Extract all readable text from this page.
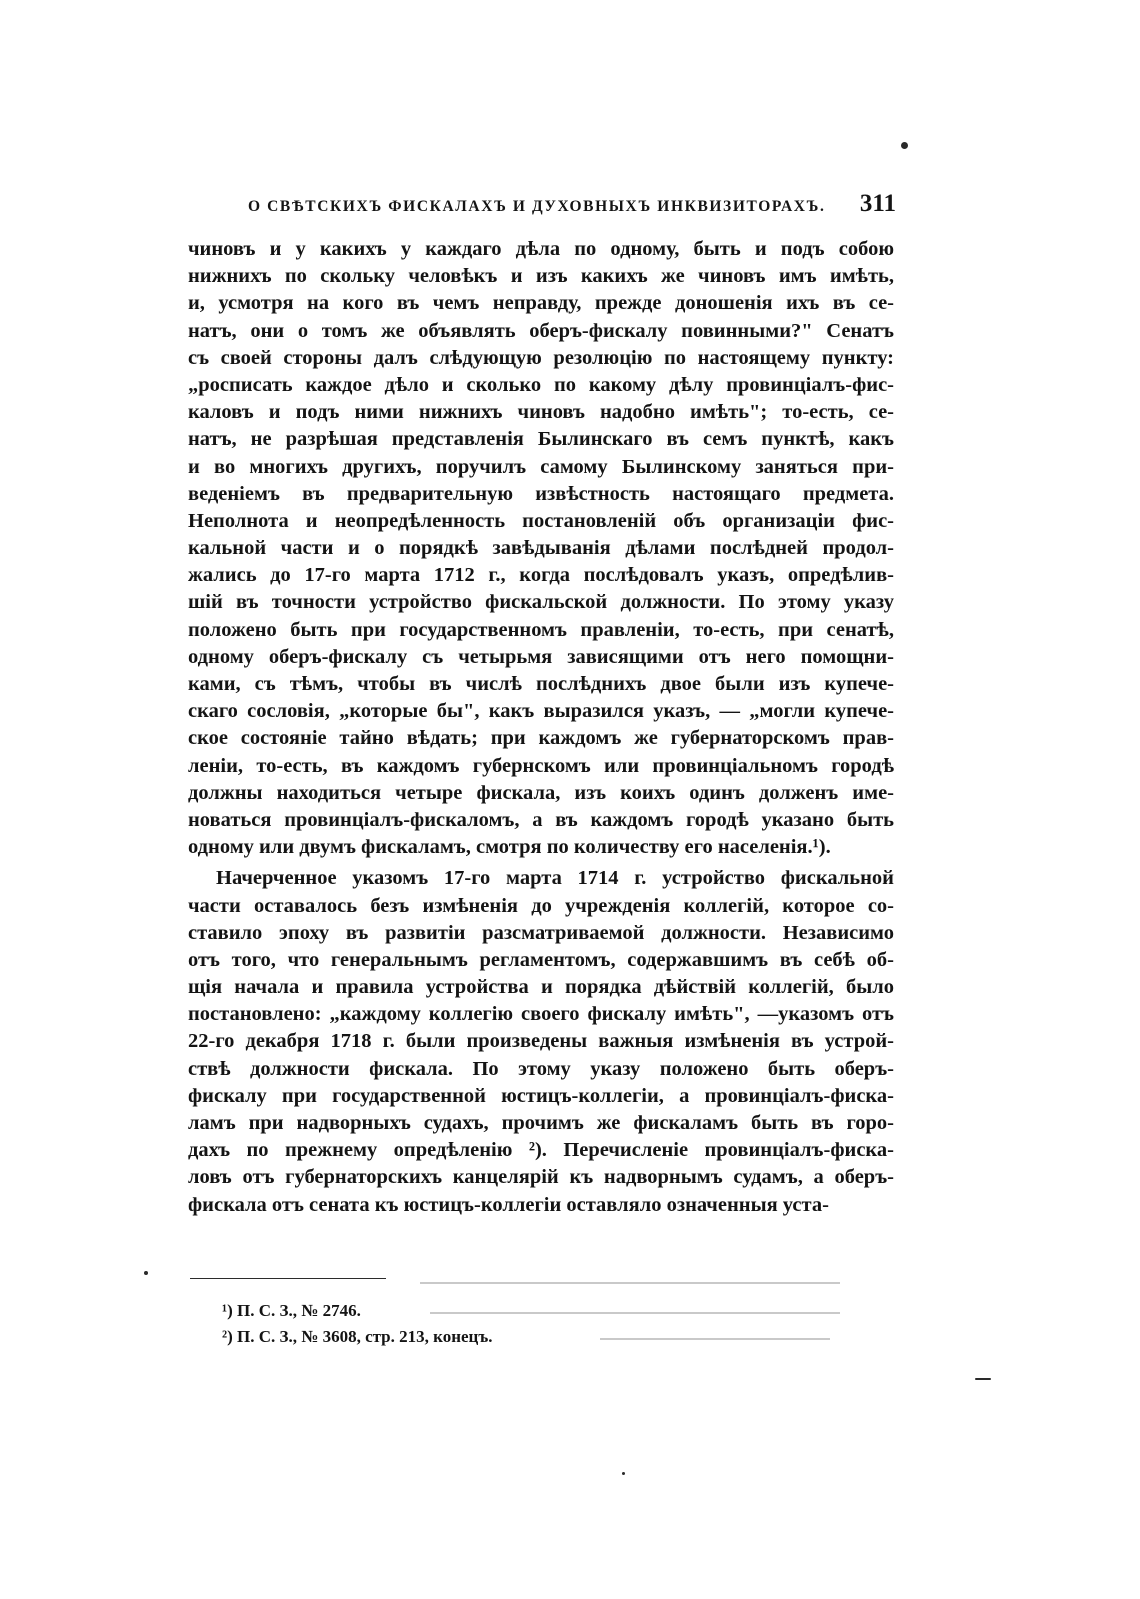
О СВѢТСКИХЪ ФИСКАЛАХЪ И ДУХОВНЫХЪ ИНКВИЗИТОРАХЪ. 311
чиновъ и у какихъ у каждаго дѣла по одному, быть и подъ собою
нижнихъ по скольку человѣкъ и изъ какихъ же чиновъ имъ имѣть,
и, усмотря на кого въ чемъ неправду, прежде доношенія ихъ въ се-
натъ, они о томъ же объявлять оберъ-фискалу повинными?" Сенатъ
съ своей стороны далъ слѣдующую резолюцію по настоящему пункту:
„росписать каждое дѣло и сколько по какому дѣлу провинціалъ-фис-
каловъ и подъ ними нижнихъ чиновъ надобно имѣть"; то-есть, се-
натъ, не разрѣшая представленія Былинскаго въ семъ пунктѣ, какъ
и во многихъ другихъ, поручилъ самому Былинскому заняться при-
веденіемъ въ предварительную извѣстность настоящаго предмета.
Неполнота и неопредѣленность постановленій объ организаціи фис-
кальной части и о порядкѣ завѣдыванія дѣлами послѣдней продол-
жались до 17-го марта 1712 г., когда послѣдовалъ указъ, опредѣлив-
шій въ точности устройство фискальской должности. По этому указу
положено быть при государственномъ правленіи, то-есть, при сенатѣ,
одному оберъ-фискалу съ четырьмя зависящими отъ него помощни-
ками, съ тѣмъ, чтобы въ числѣ послѣднихъ двое были изъ купече-
скаго сословія, „которые бы", какъ выразился указъ, — „могли купече-
ское состояніе тайно вѣдать; при каждомъ же губернаторскомъ прав-
леніи, то-есть, въ каждомъ губернскомъ или провинціальномъ городѣ
должны находиться четыре фискала, изъ коихъ одинъ долженъ име-
новаться провинціалъ-фискаломъ, а въ каждомъ городѣ указано быть
одному или двумъ фискаламъ, смотря по количеству его населенія.¹).
Начерченное указомъ 17-го марта 1714 г. устройство фискальной
части оставалось безъ измѣненія до учрежденія коллегій, которое со-
ставило эпоху въ развитіи разсматриваемой должности. Независимо
отъ того, что генеральнымъ регламентомъ, содержавшимъ въ себѣ об-
щія начала и правила устройства и порядка дѣйствій коллегій, было
постановлено: „каждому коллегію своего фискалу имѣть", —указомъ отъ
22-го декабря 1718 г. были произведены важныя измѣненія въ устрой-
ствѣ должности фискала. По этому указу положено быть оберъ-
фискалу при государственной юстицъ-коллегіи, а провинціалъ-фиска-
ламъ при надворныхъ судахъ, прочимъ же фискаламъ быть въ горо-
дахъ по прежнему опредѣленію ²). Перечисленіе провинціалъ-фиска-
ловъ отъ губернаторскихъ канцелярій къ надворнымъ судамъ, а оберъ-
фискала отъ сената къ юстицъ-коллегіи оставляло означенныя уста-
¹) П. С. З., № 2746.
²) П. С. З., № 3608, стр. 213, конецъ.
